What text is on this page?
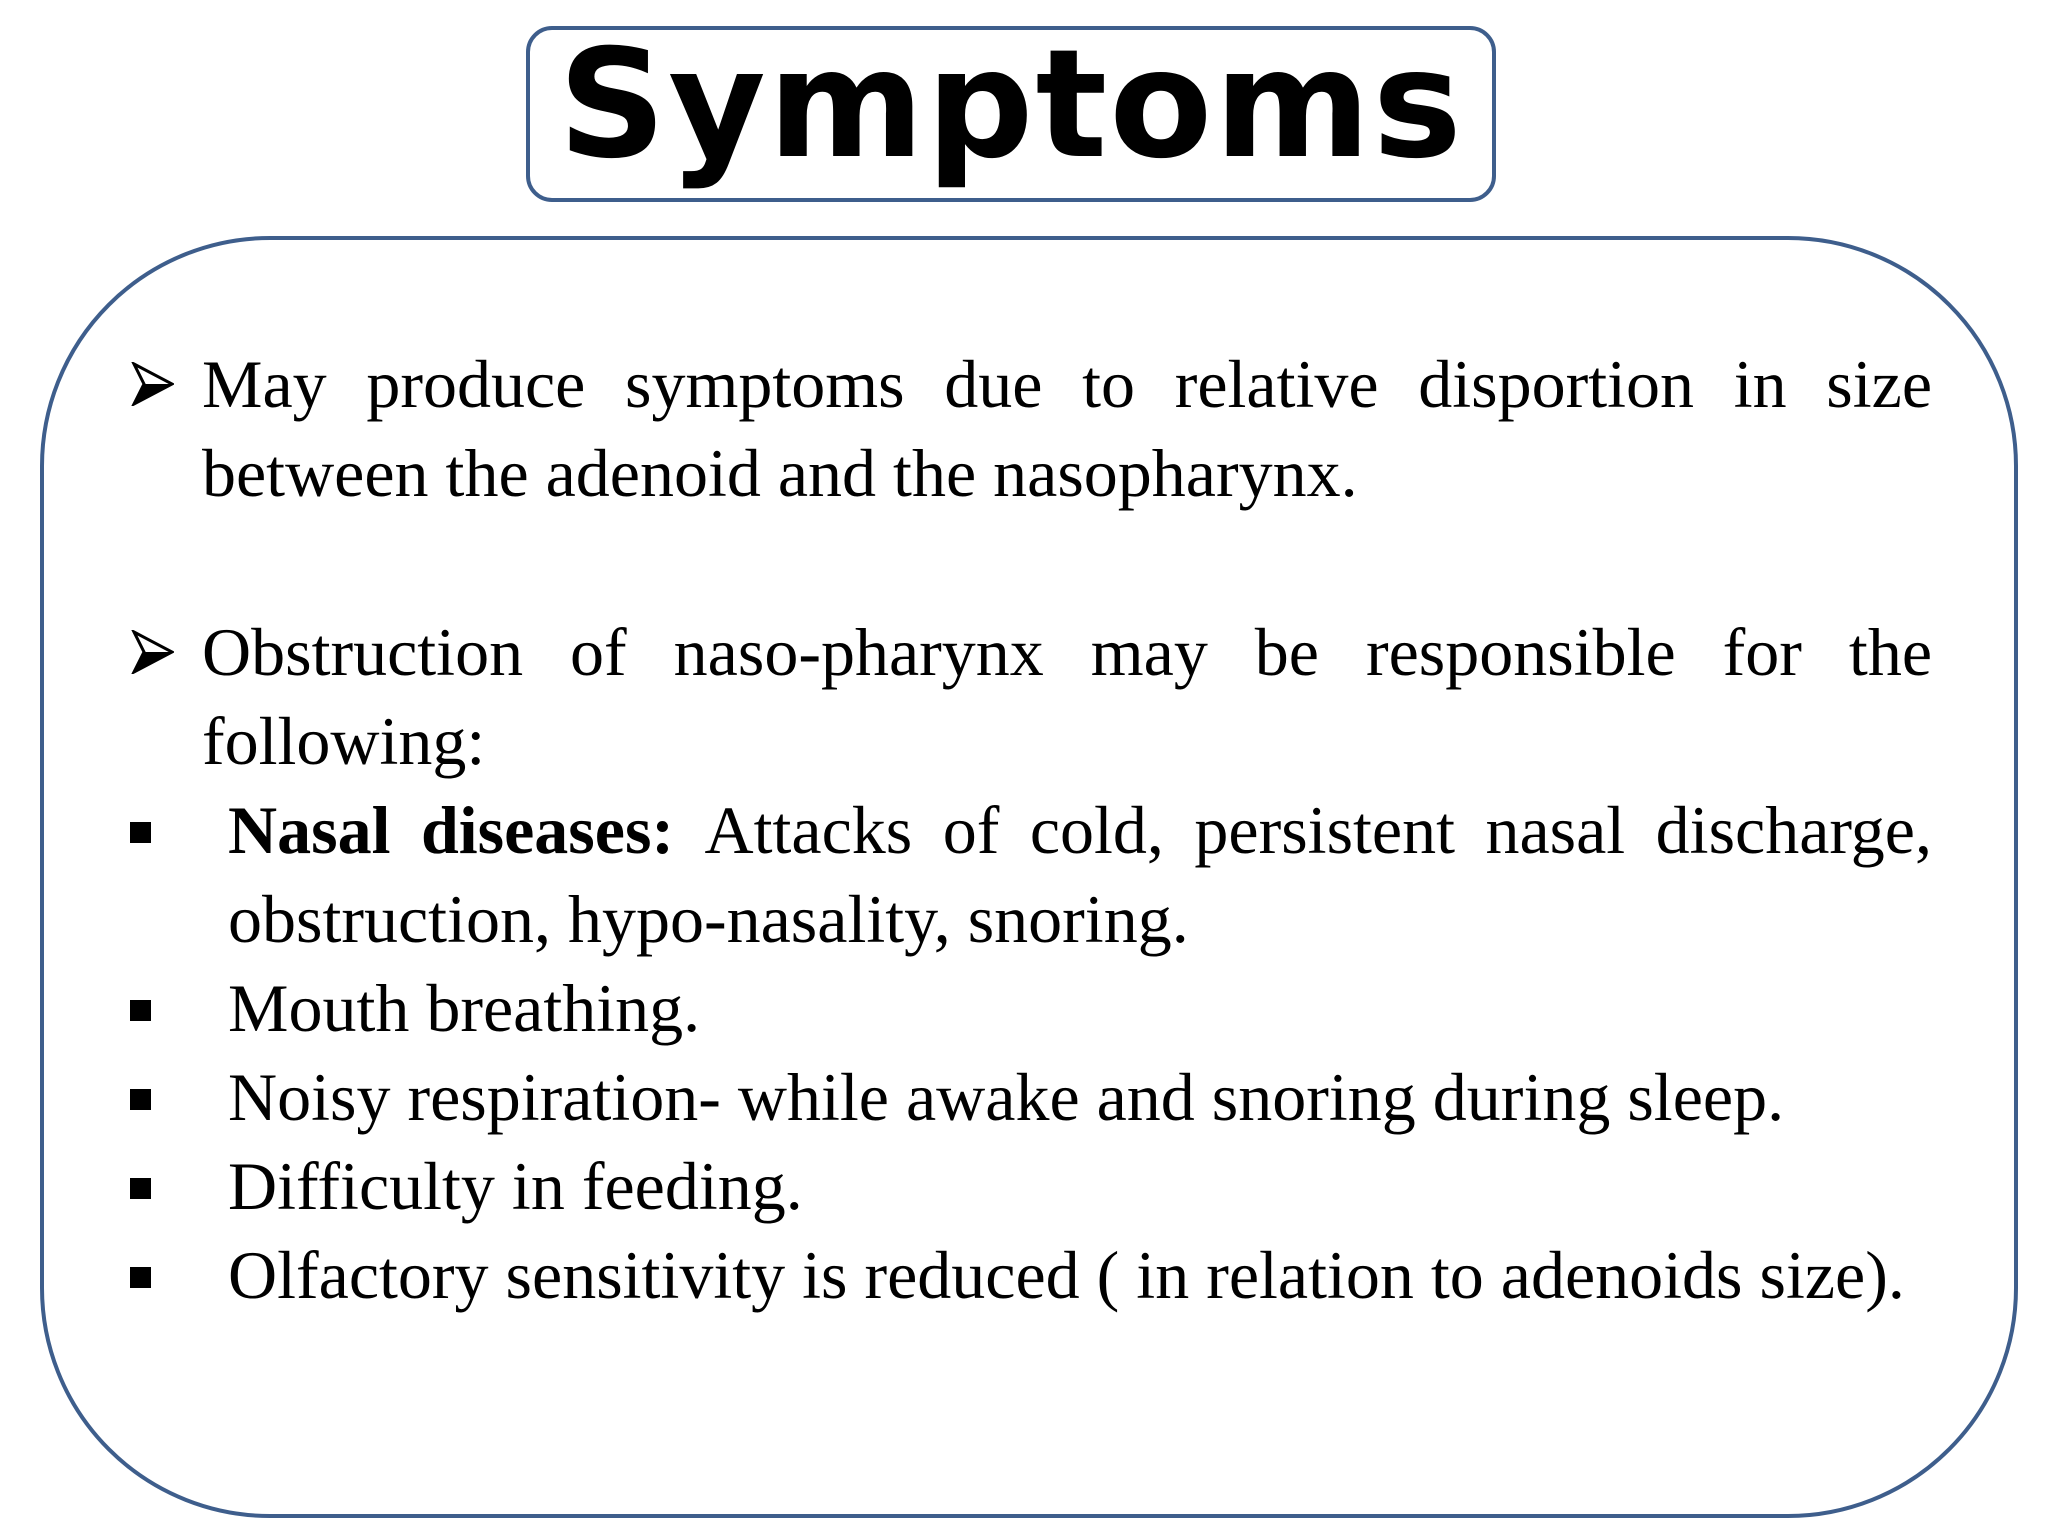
Symptoms
May produce symptoms due to relative disportion in size between the adenoid and the nasopharynx.
Obstruction of naso-pharynx may be responsible for the following:
Nasal diseases: Attacks of cold, persistent nasal discharge, obstruction, hypo-nasality, snoring.
Mouth breathing.
Noisy respiration- while awake and snoring during sleep.
Difficulty in feeding.
Olfactory sensitivity is reduced ( in relation to adenoids size).
